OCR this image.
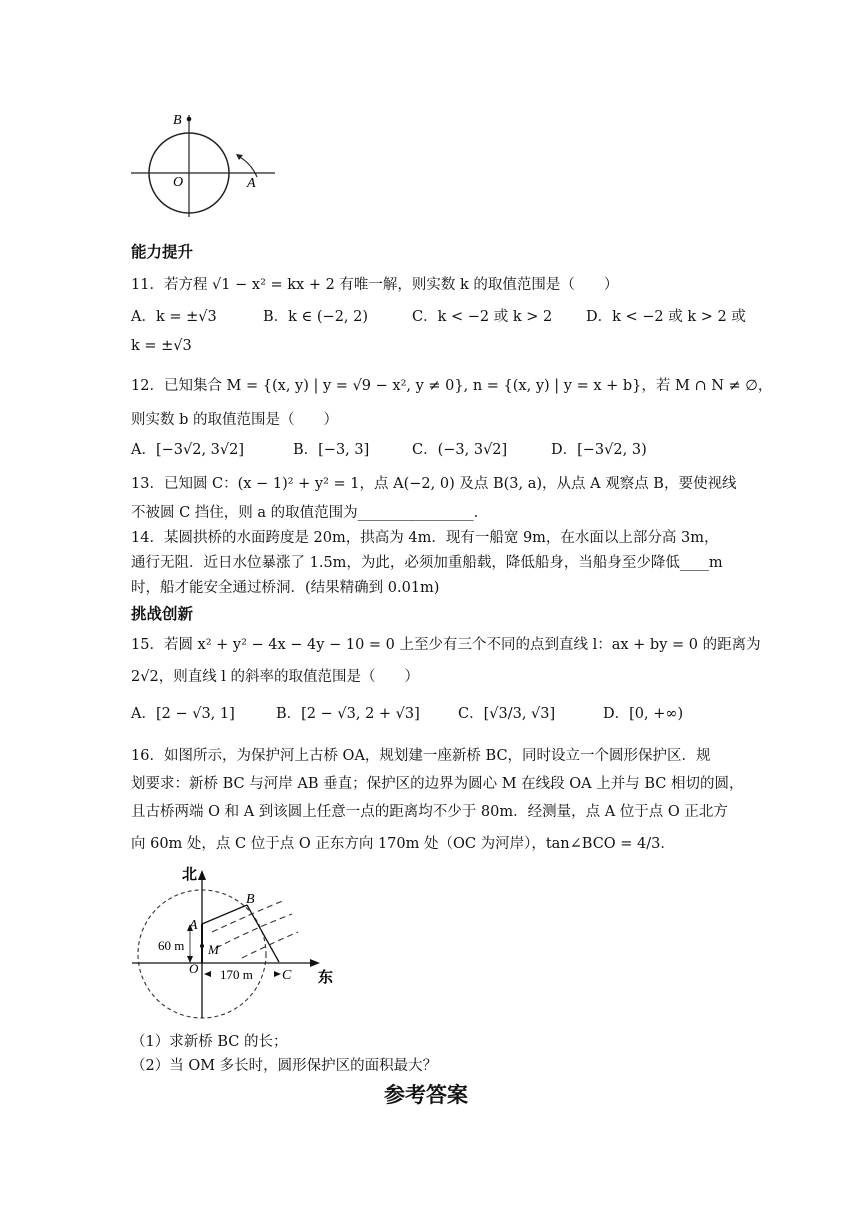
B
O	A
能力提升
11．若方程 √1 − x² = kx + 2 有唯一解，则实数 k 的取值范围是（　　）
A．k = ±√3	B．k ∈ (−2, 2)	C．k < −2 或 k > 2 D．k < −2 或 k > 2 或
k = ±√3
12．已知集合 M = {(x, y) | y = √9 − x², y ≠ 0}, n = {(x, y) | y = x + b}，若 M ∩ N ≠ ∅，
则实数 b 的取值范围是（　　）
A．[−3√2, 3√2]	B．[−3, 3]	C．(−3, 3√2]	D．[−3√2, 3)
13．已知圆 C：(x − 1)² + y² = 1，点 A(−2, 0) 及点 B(3, a)，从点 A 观察点 B，要使视线
不被圆 C 挡住，则 a 的取值范围为________________.
14．某圆拱桥的水面跨度是 20m，拱高为 4m．现有一船宽 9m，在水面以上部分高 3m，
通行无阻．近日水位暴涨了 1.5m，为此，必须加重船载，降低船身，当船身至少降低____m
时，船才能安全通过桥洞．(结果精确到 0.01m)
挑战创新
15．若圆 x² + y² − 4x − 4y − 10 = 0 上至少有三个不同的点到直线 l：ax + by = 0 的距离为
2√2，则直线 l 的斜率的取值范围是（　　）
A．[2 − √3, 1]	B．[2 − √3, 2 + √3]	C．[√3/3, √3]	D．[0, +∞)
16．如图所示，为保护河上古桥 OA，规划建一座新桥 BC，同时设立一个圆形保护区．规
划要求：新桥 BC 与河岸 AB 垂直；保护区的边界为圆心 M 在线段 OA 上并与 BC 相切的圆，
且古桥两端 O 和 A 到该圆上任意一点的距离均不少于 80m．经测量，点 A 位于点 O 正北方
向 60m 处，点 C 位于点 O 正东方向 170m 处（OC 为河岸），tan∠BCO = 4/3．
北
B
A
M
60 m
O 170 m C 东
（1）求新桥 BC 的长；
（2）当 OM 多长时，圆形保护区的面积最大？
参考答案
